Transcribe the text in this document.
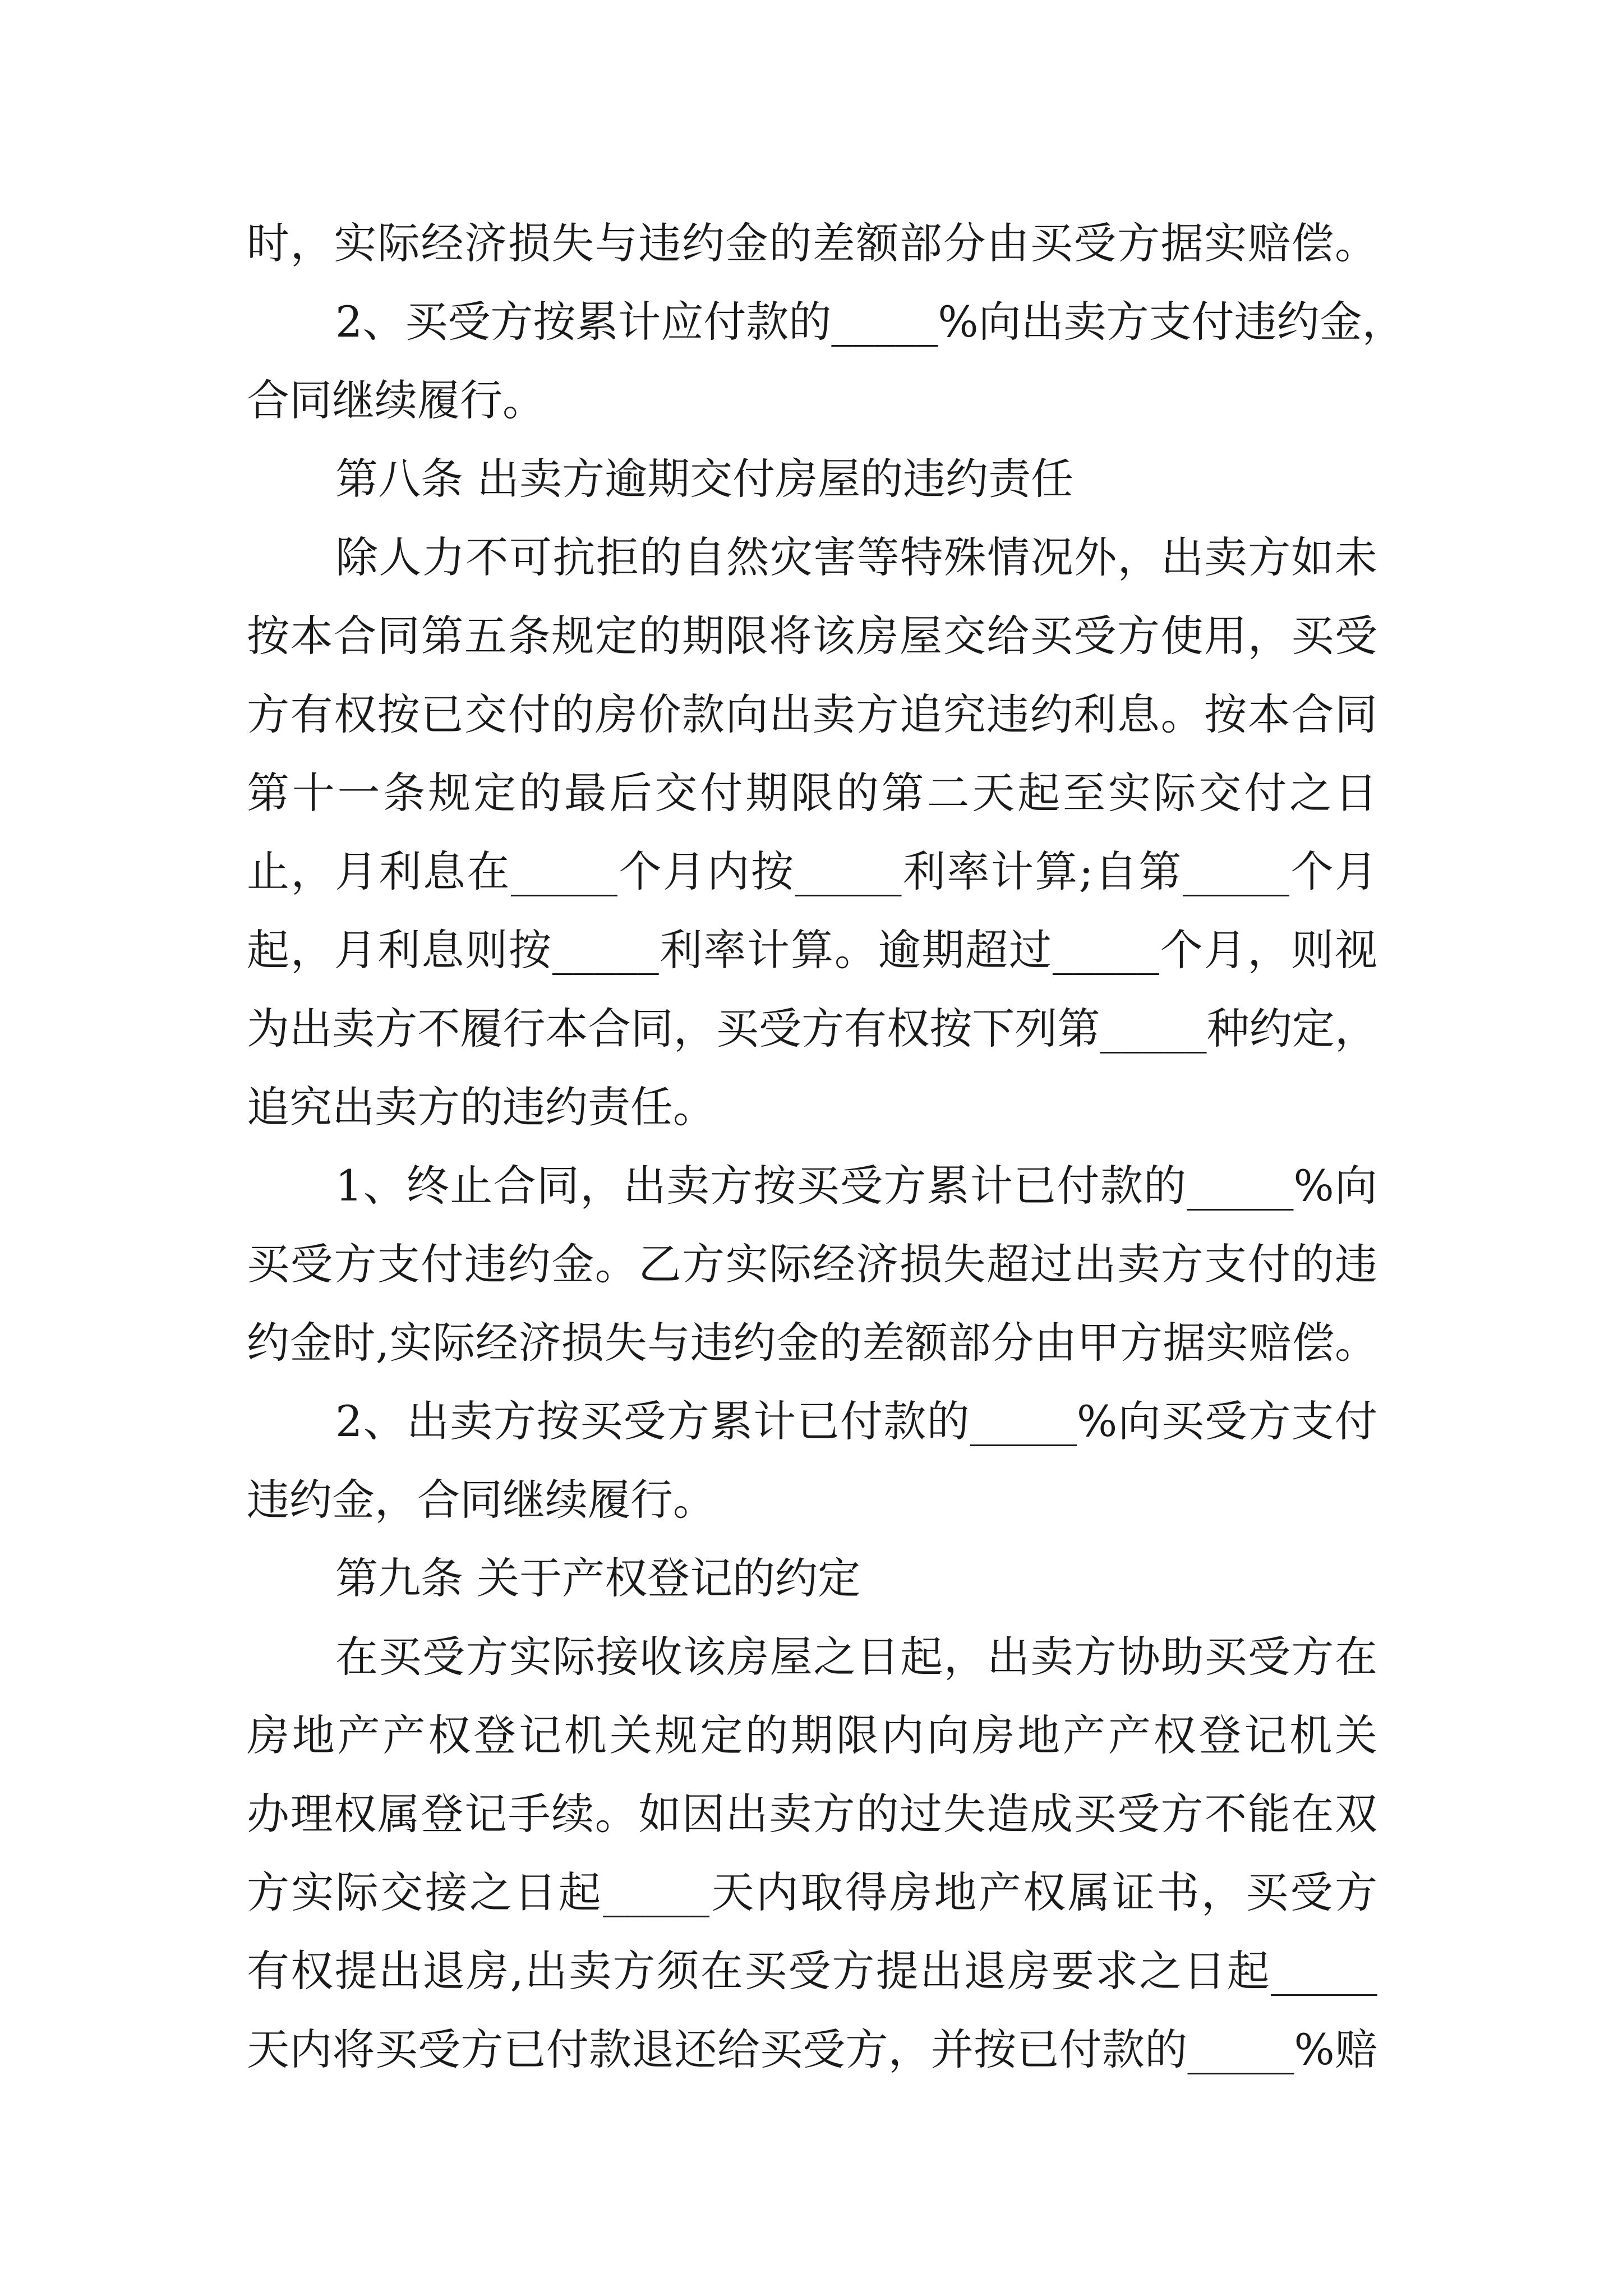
时，实际经济损失与违约金的差额部分由买受方据实赔偿。

2、买受方按累计应付款的_____%向出卖方支付违约金，

合同继续履行。

第八条 出卖方逾期交付房屋的违约责任

除人力不可抗拒的自然灾害等特殊情况外，出卖方如未

按本合同第五条规定的期限将该房屋交给买受方使用，买受

方有权按已交付的房价款向出卖方追究违约利息。按本合同

第十一条规定的最后交付期限的第二天起至实际交付之日

止，月利息在_____个月内按_____利率计算;自第_____个月

起，月利息则按_____利率计算。逾期超过_____个月，则视

为出卖方不履行本合同，买受方有权按下列第_____种约定，

追究出卖方的违约责任。

1、终止合同，出卖方按买受方累计已付款的_____%向

买受方支付违约金。乙方实际经济损失超过出卖方支付的违

约金时,实际经济损失与违约金的差额部分由甲方据实赔偿。

2、出卖方按买受方累计已付款的_____%向买受方支付

违约金，合同继续履行。

第九条 关于产权登记的约定

在买受方实际接收该房屋之日起，出卖方协助买受方在

房地产产权登记机关规定的期限内向房地产产权登记机关

办理权属登记手续。如因出卖方的过失造成买受方不能在双

方实际交接之日起_____天内取得房地产权属证书，买受方

有权提出退房,出卖方须在买受方提出退房要求之日起_____

天内将买受方已付款退还给买受方，并按已付款的_____%赔
